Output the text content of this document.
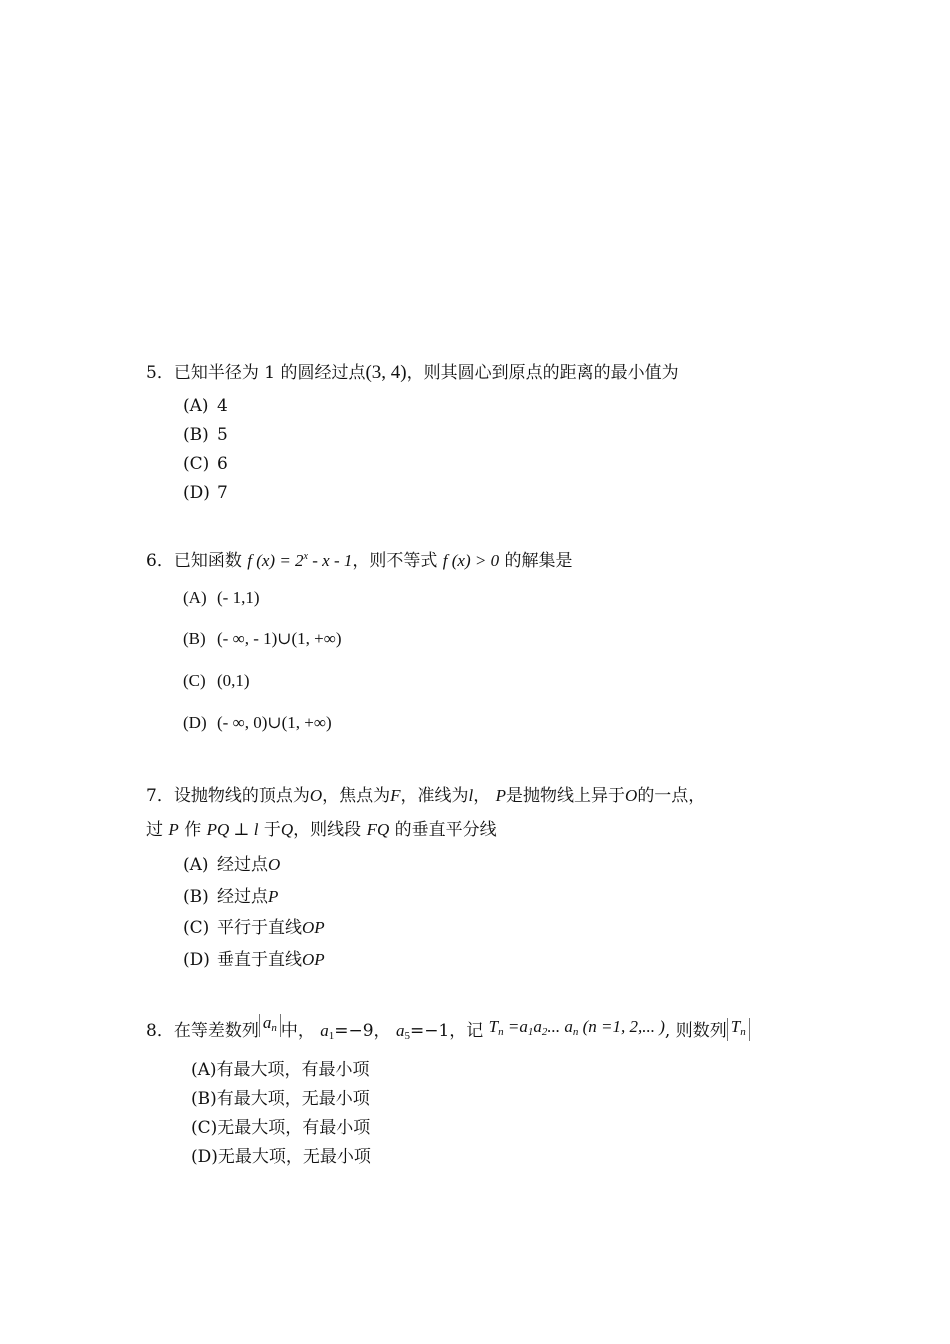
5．已知半径为 1 的圆经过点(3, 4)，则其圆心到原点的距离的最小值为
(A) 4
(B) 5
(C) 6
(D) 7
6．已知函数 f $(x) = 2^x - x - 1$，则不等式 f (x) > 0 的解集是
(A) (- 1,1)
(B) (- ∞, - 1)∪(1, +∞)
(C) (0,1)
(D) (- ∞, 0)∪(1, +∞)
7．设抛物线的顶点为O，焦点为F，准线为l， P是抛物线上异于O的一点，
过 P 作 PQ ⊥ l 于Q，则线段 FQ 的垂直平分线
(A) 经过点O
(B) 经过点P
(C) 平行于直线OP
(D) 垂直于直线OP
8．在等差数列 $a_n$ 中， $a_1=-9$， $a_5=-1$，记 $T_n =a_1a_2$... $a_n$ (n =1, 2,... ), 则数列 $T_n$
(A)有最大项，有最小项
(B)有最大项，无最小项
(C)无最大项，有最小项
(D)无最大项，无最小项
